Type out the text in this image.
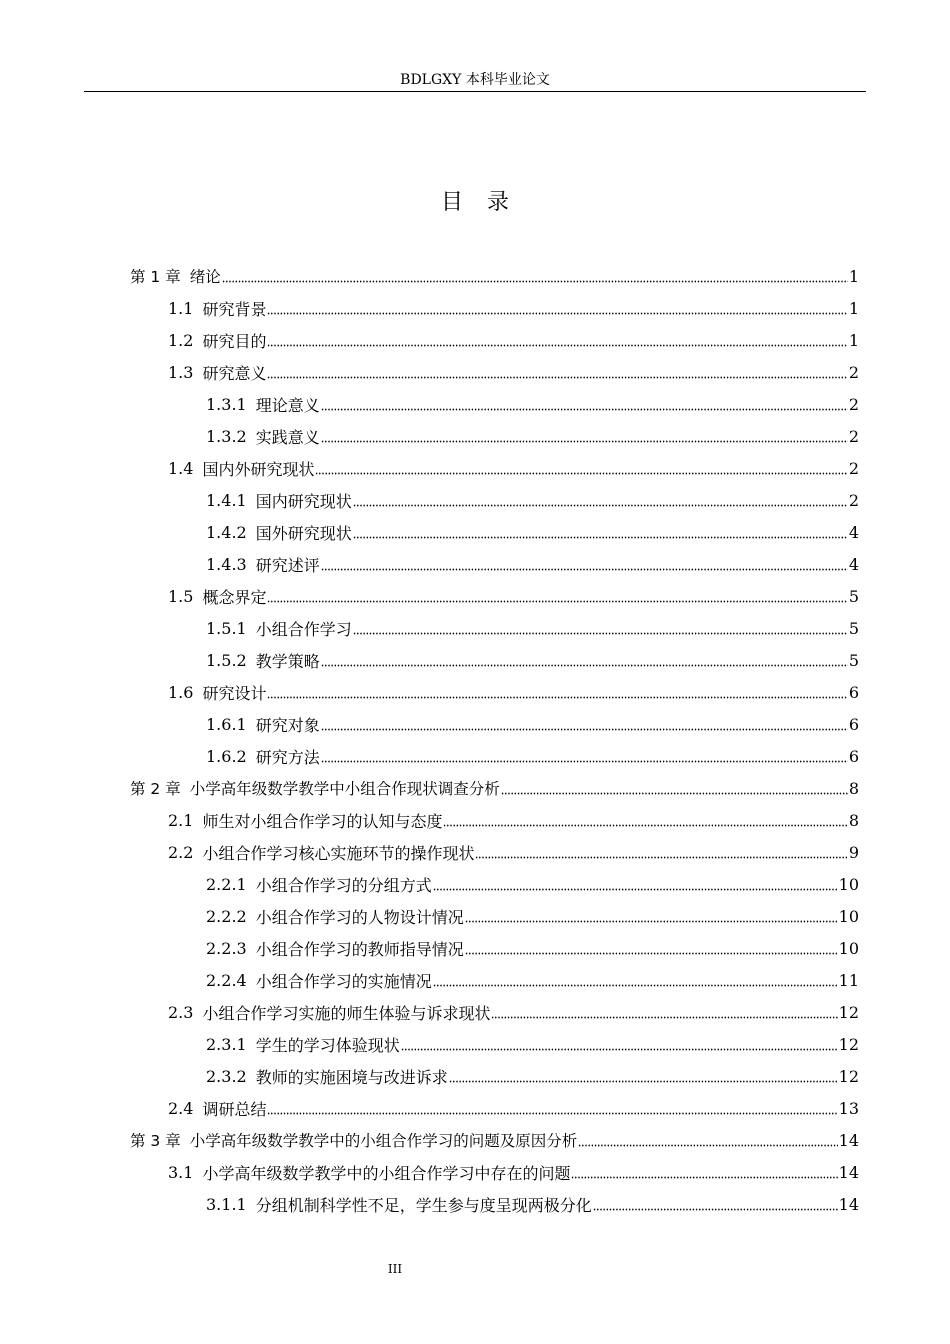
BDLGXY 本科毕业论文
目录
第 1 章 绪论	1
1.1 研究背景	1
1.2 研究目的	1
1.3 研究意义	2
1.3.1 理论意义	2
1.3.2 实践意义	2
1.4 国内外研究现状	2
1.4.1 国内研究现状	2
1.4.2 国外研究现状	4
1.4.3 研究述评	4
1.5 概念界定	5
1.5.1 小组合作学习	5
1.5.2 教学策略	5
1.6 研究设计	6
1.6.1 研究对象	6
1.6.2 研究方法	6
第 2 章 小学高年级数学教学中小组合作现状调查分析	8
2.1 师生对小组合作学习的认知与态度	8
2.2 小组合作学习核心实施环节的操作现状	9
2.2.1 小组合作学习的分组方式	10
2.2.2 小组合作学习的人物设计情况	10
2.2.3 小组合作学习的教师指导情况	10
2.2.4 小组合作学习的实施情况	11
2.3 小组合作学习实施的师生体验与诉求现状	12
2.3.1 学生的学习体验现状	12
2.3.2 教师的实施困境与改进诉求	12
2.4 调研总结	13
第 3 章 小学高年级数学教学中的小组合作学习的问题及原因分析	14
3.1 小学高年级数学教学中的小组合作学习中存在的问题	14
3.1.1 分组机制科学性不足，学生参与度呈现两极分化	14
III
